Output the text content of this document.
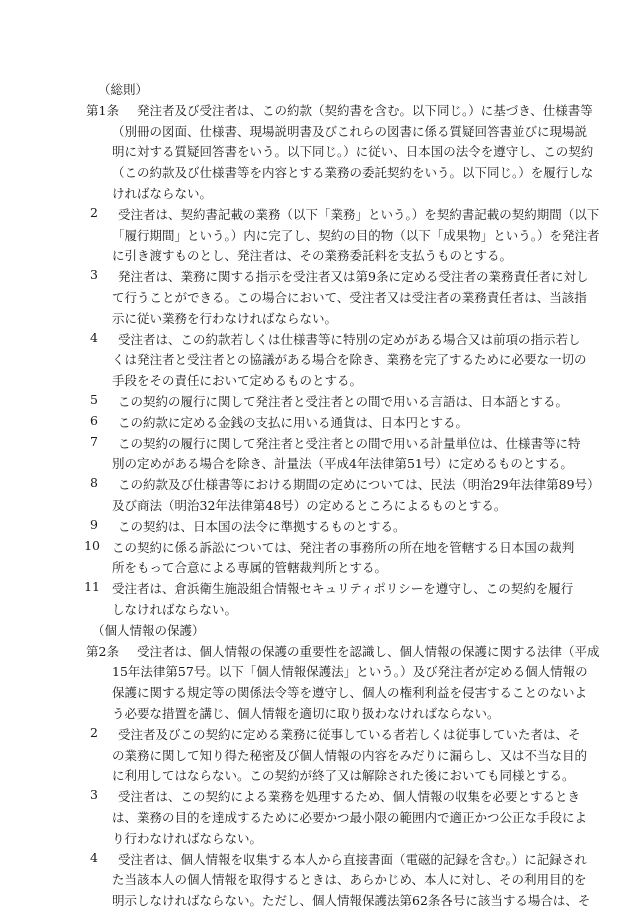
（総則）
第1条 発注者及び受注者は、この約款（契約書を含む。以下同じ。）に基づき、仕様書等
（別冊の図面、仕様書、現場説明書及びこれらの図書に係る質疑回答書並びに現場説
明に対する質疑回答書をいう。以下同じ。）に従い、日本国の法令を遵守し、この契約
（この約款及び仕様書等を内容とする業務の委託契約をいう。以下同じ。）を履行しな
ければならない。
2 受注者は、契約書記載の業務（以下「業務」という。）を契約書記載の契約期間（以下
「履行期間」という。）内に完了し、契約の目的物（以下「成果物」という。）を発注者
に引き渡すものとし、発注者は、その業務委託料を支払うものとする。
3 発注者は、業務に関する指示を受注者又は第9条に定める受注者の業務責任者に対し
て行うことができる。この場合において、受注者又は受注者の業務責任者は、当該指
示に従い業務を行わなければならない。
4 受注者は、この約款若しくは仕様書等に特別の定めがある場合又は前項の指示若し
くは発注者と受注者との協議がある場合を除き、業務を完了するために必要な一切の
手段をその責任において定めるものとする。
5 この契約の履行に関して発注者と受注者との間で用いる言語は、日本語とする。
6 この約款に定める金銭の支払に用いる通貨は、日本円とする。
7 この契約の履行に関して発注者と受注者との間で用いる計量単位は、仕様書等に特
別の定めがある場合を除き、計量法（平成4年法律第51号）に定めるものとする。
8 この約款及び仕様書等における期間の定めについては、民法（明治29年法律第89号）
及び商法（明治32年法律第48号）の定めるところによるものとする。
9 この契約は、日本国の法令に準拠するものとする。
10 この契約に係る訴訟については、発注者の事務所の所在地を管轄する日本国の裁判
所をもって合意による専属的管轄裁判所とする。
11 受注者は、倉浜衛生施設組合情報セキュリティポリシーを遵守し、この契約を履行
しなければならない。
（個人情報の保護）
第2条 受注者は、個人情報の保護の重要性を認識し、個人情報の保護に関する法律（平成
15年法律第57号。以下「個人情報保護法」という。）及び発注者が定める個人情報の
保護に関する規定等の関係法令等を遵守し、個人の権利利益を侵害することのないよ
う必要な措置を講じ、個人情報を適切に取り扱わなければならない。
2 受注者及びこの契約に定める業務に従事している者若しくは従事していた者は、そ
の業務に関して知り得た秘密及び個人情報の内容をみだりに漏らし、又は不当な目的
に利用してはならない。この契約が終了又は解除された後においても同様とする。
3 受注者は、この契約による業務を処理するため、個人情報の収集を必要とするとき
は、業務の目的を達成するために必要かつ最小限の範囲内で適正かつ公正な手段によ
り行わなければならない。
4 受注者は、個人情報を収集する本人から直接書面（電磁的記録を含む。）に記録され
た当該本人の個人情報を取得するときは、あらかじめ、本人に対し、その利用目的を
明示しなければならない。ただし、個人情報保護法第62条各号に該当する場合は、そ
